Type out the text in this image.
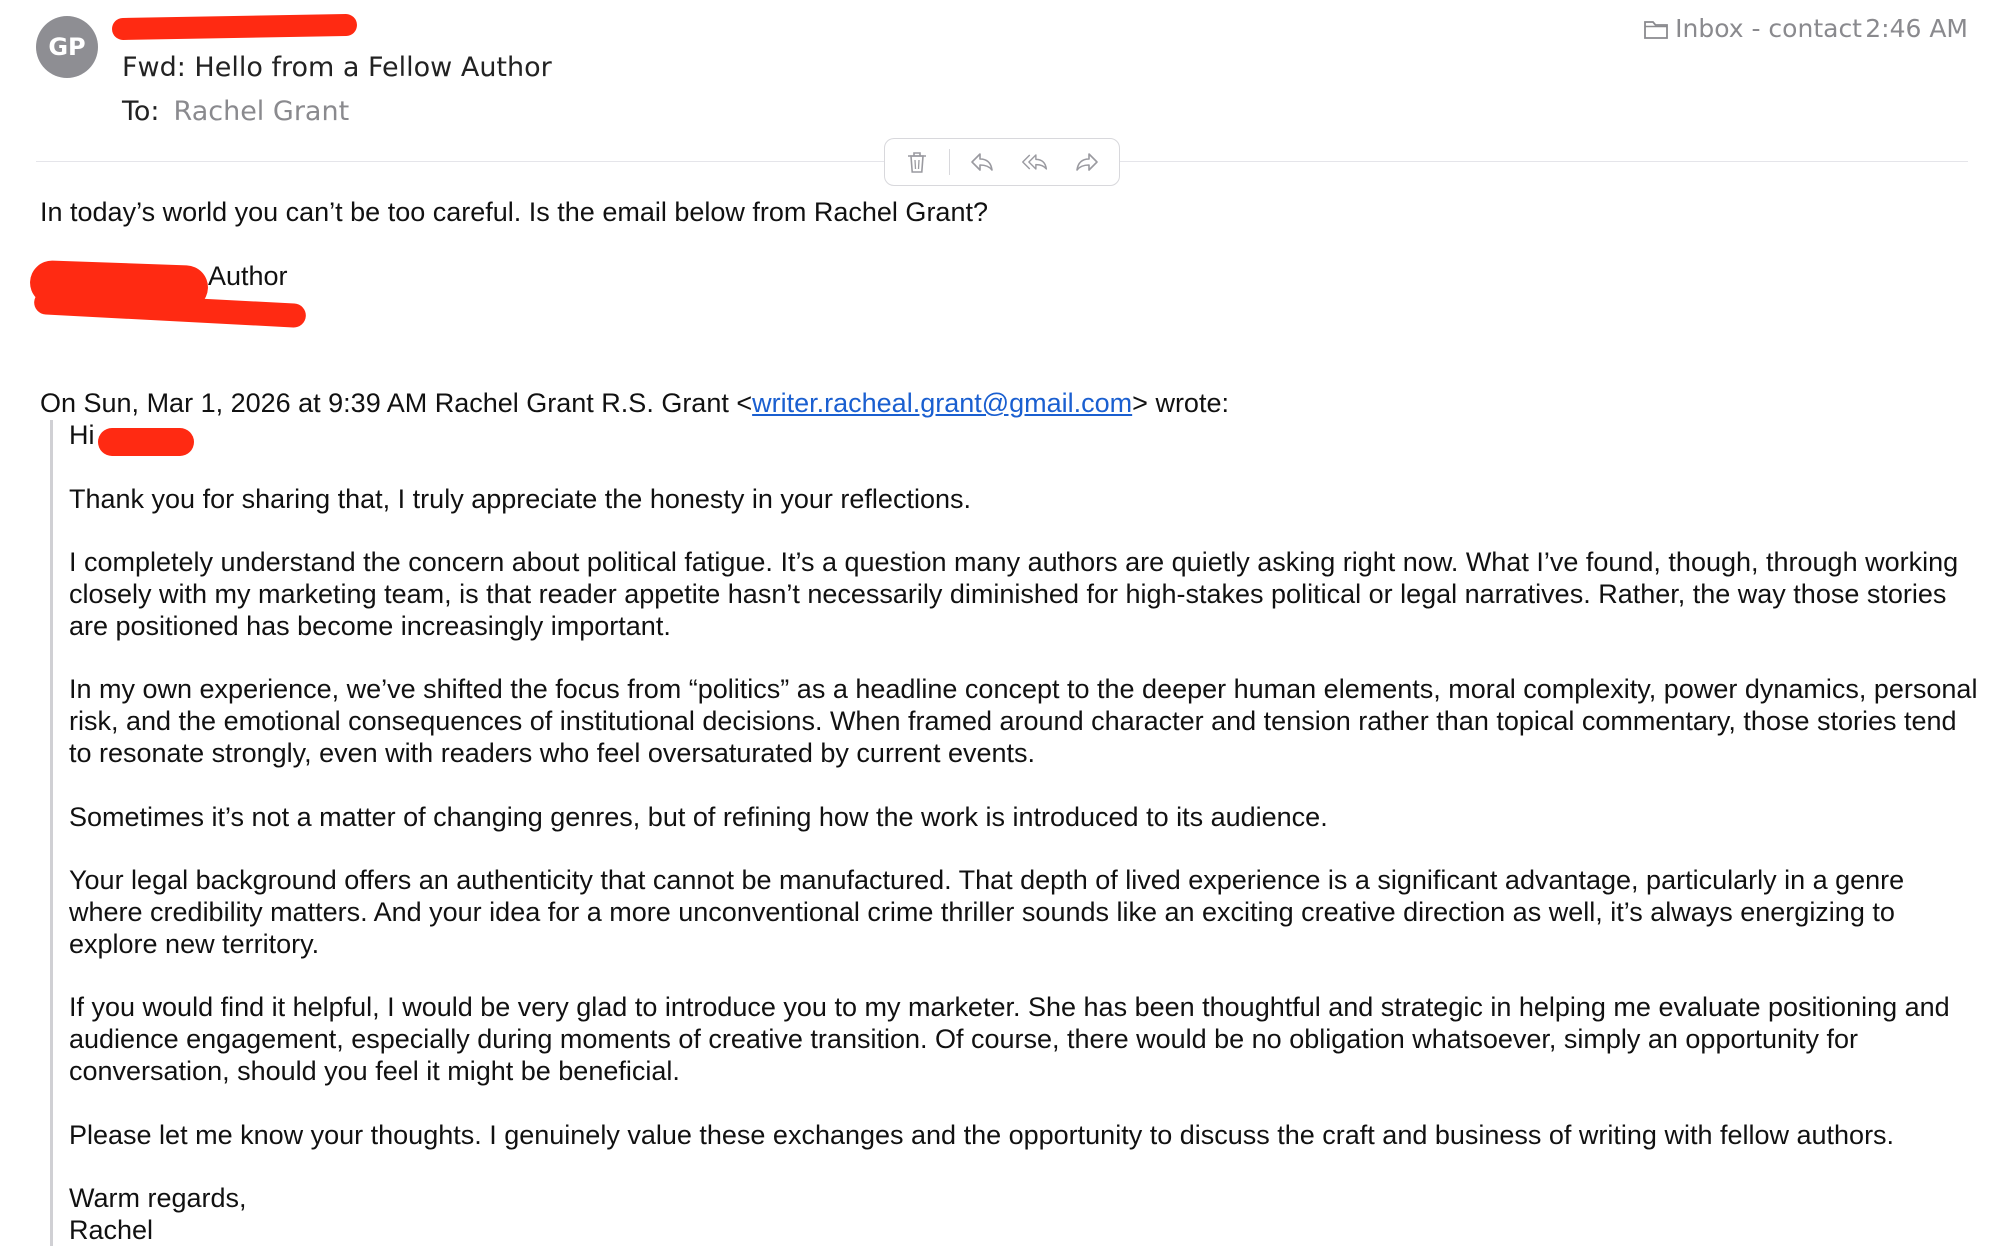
GP
Fwd: Hello from a Fellow Author
To: Rachel Grant
Inbox - contact 2:46 AM
In today’s world you can’t be too careful. Is the email below from Rachel Grant?
Author
On Sun, Mar 1, 2026 at 9:39 AM Rachel Grant R.S. Grant <writer.racheal.grant@gmail.com> wrote:

Hi

Thank you for sharing that, I truly appreciate the honesty in your reflections.

I completely understand the concern about political fatigue. It’s a question many authors are quietly asking right now. What I’ve found, though, through working closely with my marketing team, is that reader appetite hasn’t necessarily diminished for high-stakes political or legal narratives. Rather, the way those stories are positioned has become increasingly important.

In my own experience, we’ve shifted the focus from “politics” as a headline concept to the deeper human elements, moral complexity, power dynamics, personal risk, and the emotional consequences of institutional decisions. When framed around character and tension rather than topical commentary, those stories tend to resonate strongly, even with readers who feel oversaturated by current events.

Sometimes it’s not a matter of changing genres, but of refining how the work is introduced to its audience.

Your legal background offers an authenticity that cannot be manufactured. That depth of lived experience is a significant advantage, particularly in a genre where credibility matters. And your idea for a more unconventional crime thriller sounds like an exciting creative direction as well, it’s always energizing to explore new territory.

If you would find it helpful, I would be very glad to introduce you to my marketer. She has been thoughtful and strategic in helping me evaluate positioning and audience engagement, especially during moments of creative transition. Of course, there would be no obligation whatsoever, simply an opportunity for conversation, should you feel it might be beneficial.

Please let me know your thoughts. I genuinely value these exchanges and the opportunity to discuss the craft and business of writing with fellow authors.

Warm regards,
Rachel
